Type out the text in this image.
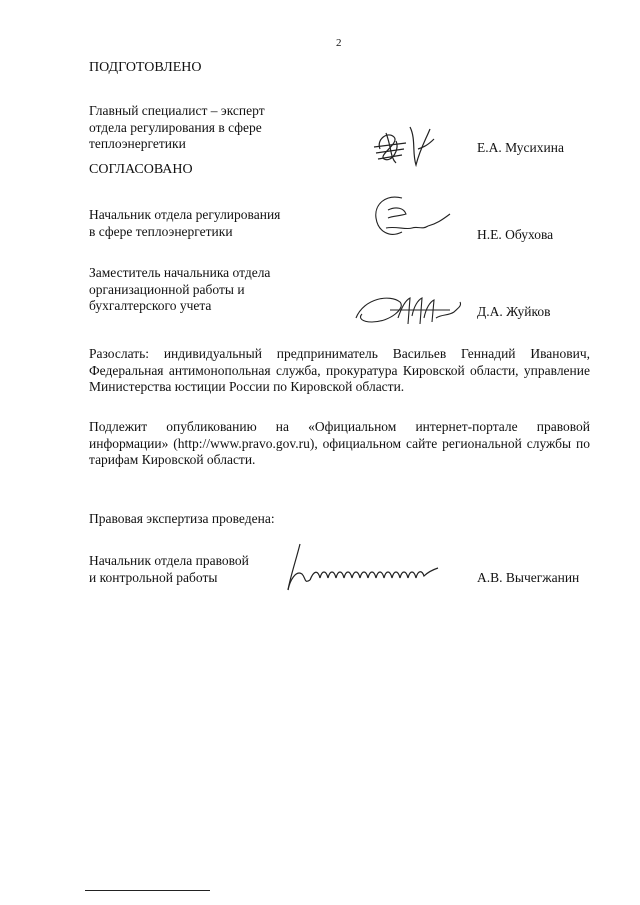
2
ПОДГОТОВЛЕНО
Главный специалист – эксперт
отдела регулирования в сфере
теплоэнергетики	Е.А. Мусихина
СОГЛАСОВАНО
Начальник отдела регулирования
в сфере теплоэнергетики	Н.Е. Обухова
Заместитель начальника отдела
организационной работы и
бухгалтерского учета	Д.А. Жуйков
Разослать: индивидуальный предприниматель Васильев Геннадий Иванович, Федеральная антимонопольная служба, прокуратура Кировской области, управление Министерства юстиции России по Кировской области.
Подлежит опубликованию на «Официальном интернет-портале правовой информации» (http://www.pravo.gov.ru), официальном сайте региональной службы по тарифам Кировской области.
Правовая экспертиза проведена:
Начальник отдела правовой
и контрольной работы	А.В. Вычегжанин
